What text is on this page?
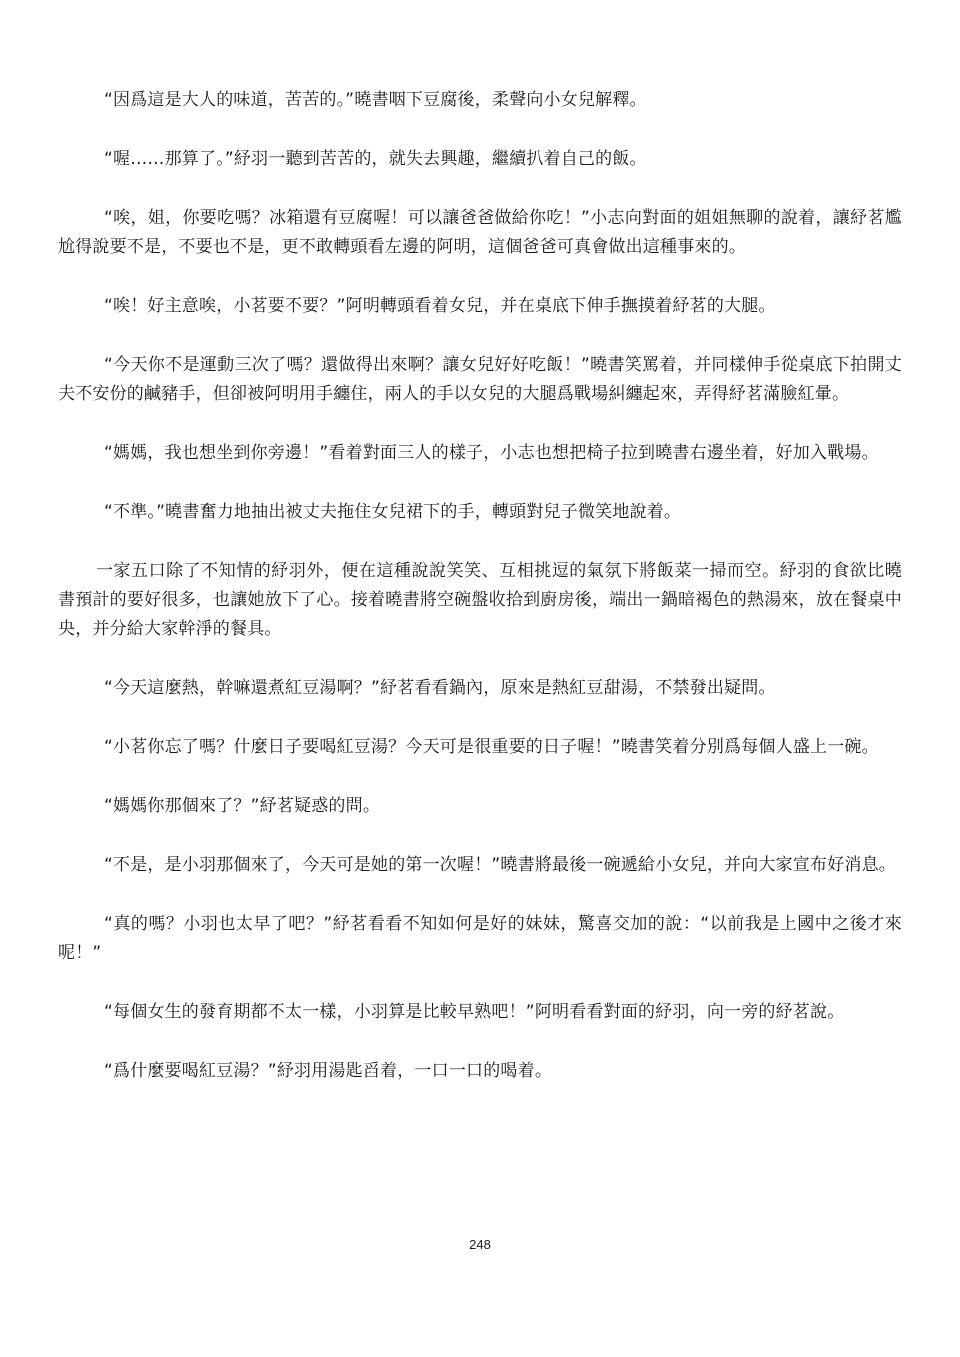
“因爲這是大人的味道，苦苦的。”曉書咽下豆腐後，柔聲向小女兒解釋。

“喔……那算了。”紓羽一聽到苦苦的，就失去興趣，繼續扒着自己的飯。

“唉，姐，你要吃嗎？冰箱還有豆腐喔！可以讓爸爸做給你吃！”小志向對面的姐姐無聊的說着，讓紓茗尷尬得說要不是，不要也不是，更不敢轉頭看左邊的阿明，這個爸爸可真會做出這種事來的。

“唉！好主意唉，小茗要不要？”阿明轉頭看着女兒，并在桌底下伸手撫摸着紓茗的大腿。

“今天你不是運動三次了嗎？還做得出來啊？讓女兒好好吃飯！”曉書笑罵着，并同樣伸手從桌底下拍開丈夫不安份的鹹豬手，但卻被阿明用手纏住，兩人的手以女兒的大腿爲戰場糾纏起來，弄得紓茗滿臉紅暈。

“媽媽，我也想坐到你旁邊！”看着對面三人的樣子，小志也想把椅子拉到曉書右邊坐着，好加入戰場。

“不準。”曉書奮力地抽出被丈夫拖住女兒裙下的手，轉頭對兒子微笑地說着。

一家五口除了不知情的紓羽外，便在這種說說笑笑、互相挑逗的氣氛下將飯菜一掃而空。紓羽的食欲比曉書預計的要好很多，也讓她放下了心。接着曉書將空碗盤收拾到廚房後，端出一鍋暗褐色的熱湯來，放在餐桌中央，并分給大家幹淨的餐具。

“今天這麼熱，幹嘛還煮紅豆湯啊？”紓茗看看鍋內，原來是熱紅豆甜湯，不禁發出疑問。

“小茗你忘了嗎？什麼日子要喝紅豆湯？今天可是很重要的日子喔！”曉書笑着分別爲每個人盛上一碗。

“媽媽你那個來了？”紓茗疑惑的問。

“不是，是小羽那個來了，今天可是她的第一次喔！”曉書將最後一碗遞給小女兒，并向大家宣布好消息。

“真的嗎？小羽也太早了吧？”紓茗看看不知如何是好的妹妹，驚喜交加的說：“以前我是上國中之後才來呢！”

“每個女生的發育期都不太一樣，小羽算是比較早熟吧！”阿明看看對面的紓羽，向一旁的紓茗說。

“爲什麼要喝紅豆湯？”紓羽用湯匙舀着，一口一口的喝着。

248
